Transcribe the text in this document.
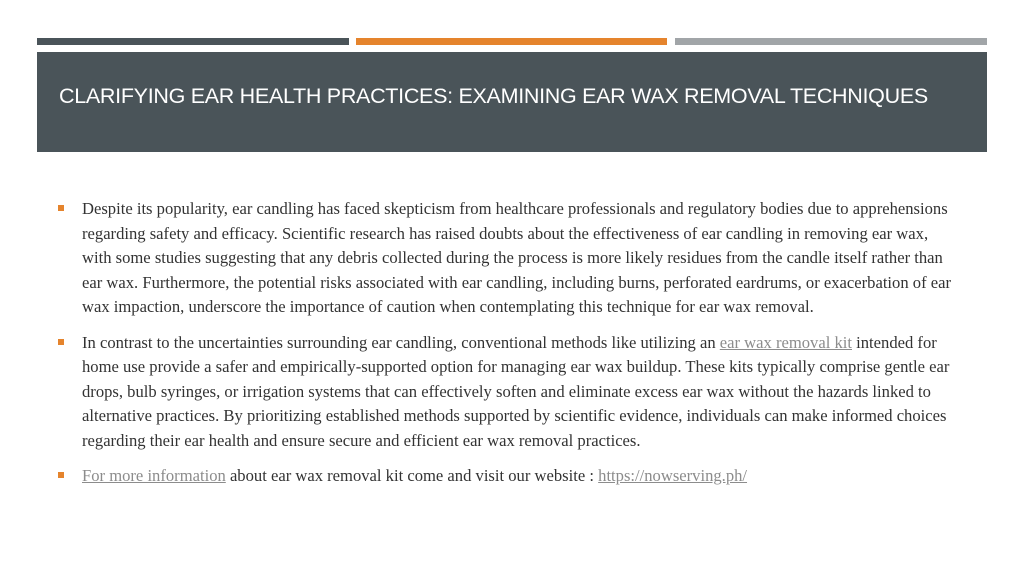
CLARIFYING EAR HEALTH PRACTICES: EXAMINING EAR WAX REMOVAL TECHNIQUES

Despite its popularity, ear candling has faced skepticism from healthcare professionals and regulatory bodies due to apprehensions regarding safety and efficacy. Scientific research has raised doubts about the effectiveness of ear candling in removing ear wax, with some studies suggesting that any debris collected during the process is more likely residues from the candle itself rather than ear wax. Furthermore, the potential risks associated with ear candling, including burns, perforated eardrums, or exacerbation of ear wax impaction, underscore the importance of caution when contemplating this technique for ear wax removal.

In contrast to the uncertainties surrounding ear candling, conventional methods like utilizing an ear wax removal kit intended for home use provide a safer and empirically-supported option for managing ear wax buildup. These kits typically comprise gentle ear drops, bulb syringes, or irrigation systems that can effectively soften and eliminate excess ear wax without the hazards linked to alternative practices. By prioritizing established methods supported by scientific evidence, individuals can make informed choices regarding their ear health and ensure secure and efficient ear wax removal practices.

For more information about ear wax removal kit come and visit our website : https://nowserving.ph/
